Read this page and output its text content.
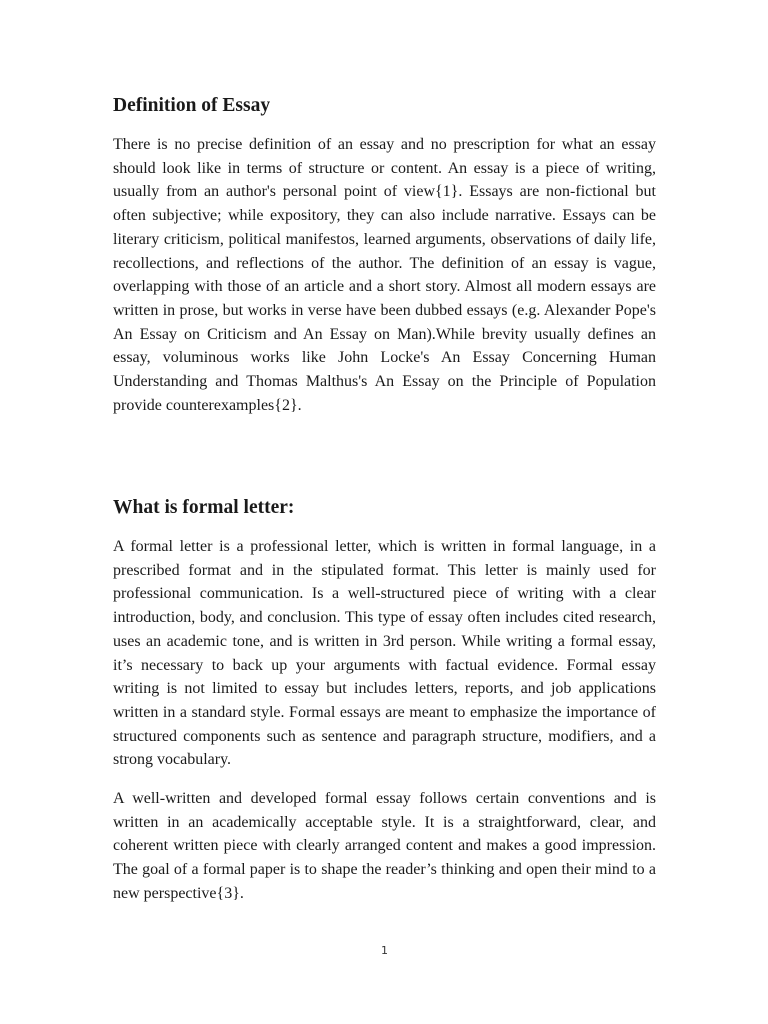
Definition of Essay

There is no precise definition of an essay and no prescription for what an essay should look like in terms of structure or content. An essay is a piece of writing, usually from an author's personal point of view{1}. Essays are non-fictional but often subjective; while expository, they can also include narrative. Essays can be literary criticism, political manifestos, learned arguments, observations of daily life, recollections, and reflections of the author. The definition of an essay is vague, overlapping with those of an article and a short story. Almost all modern essays are written in prose, but works in verse have been dubbed essays (e.g. Alexander Pope's An Essay on Criticism and An Essay on Man).While brevity usually defines an essay, voluminous works like John Locke's An Essay Concerning Human Understanding and Thomas Malthus's An Essay on the Principle of Population provide counterexamples{2}.

What is formal letter:

A formal letter is a professional letter, which is written in formal language, in a prescribed format and in the stipulated format. This letter is mainly used for professional communication. Is a well-structured piece of writing with a clear introduction, body, and conclusion. This type of essay often includes cited research, uses an academic tone, and is written in 3rd person. While writing a formal essay, it’s necessary to back up your arguments with factual evidence. Formal essay writing is not limited to essay but includes letters, reports, and job applications written in a standard style. Formal essays are meant to emphasize the importance of structured components such as sentence and paragraph structure, modifiers, and a strong vocabulary.

A well-written and developed formal essay follows certain conventions and is written in an academically acceptable style. It is a straightforward, clear, and coherent written piece with clearly arranged content and makes a good impression. The goal of a formal paper is to shape the reader’s thinking and open their mind to a new perspective{3}.

1
